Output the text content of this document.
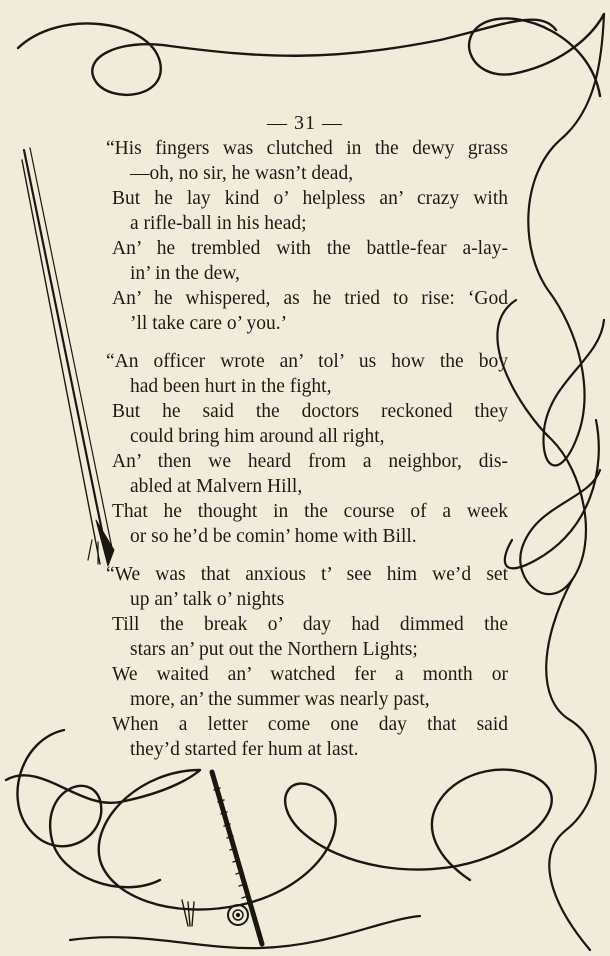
— 31 —
“His fingers was clutched in the dewy grass
—oh, no sir, he wasn’t dead,
But he lay kind o’ helpless an’ crazy with
a rifle-ball in his head;
An’ he trembled with the battle-fear a-lay-
in’ in the dew,
An’ he whispered, as he tried to rise: ‘God
’ll take care o’ you.’
“An officer wrote an’ tol’ us how the boy
had been hurt in the fight,
But he said the doctors reckoned they
could bring him around all right,
An’ then we heard from a neighbor, dis-
abled at Malvern Hill,
That he thought in the course of a week
or so he’d be comin’ home with Bill.
“We was that anxious t’ see him we’d set
up an’ talk o’ nights
Till the break o’ day had dimmed the
stars an’ put out the Northern Lights;
We waited an’ watched fer a month or
more, an’ the summer was nearly past,
When a letter come one day that said
they’d started fer hum at last.
